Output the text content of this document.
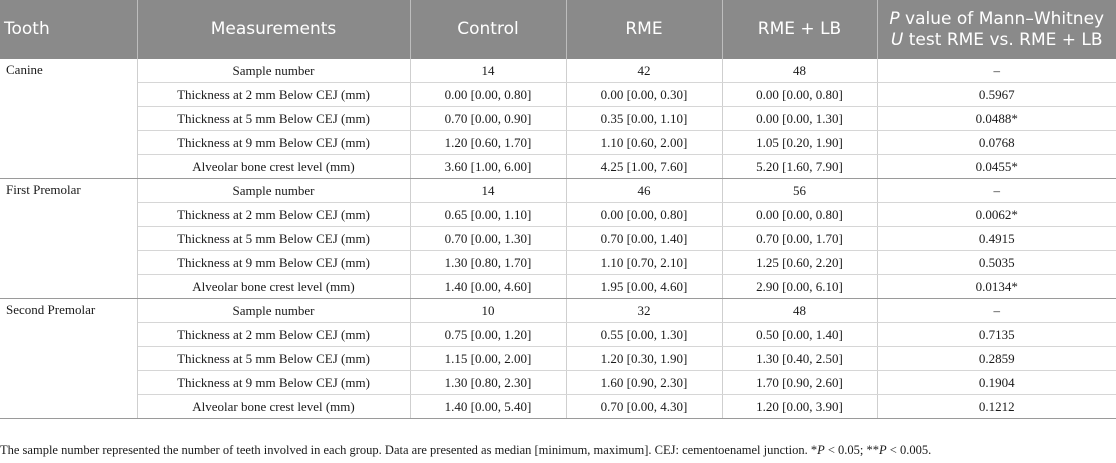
Tooth	Measurements	Control	RME	RME + LB	P value of Mann–Whitney
U test RME vs. RME + LB
Canine	Sample number	14	42	48	–
	Thickness at 2 mm Below CEJ (mm)	0.00 [0.00, 0.80]	0.00 [0.00, 0.30]	0.00 [0.00, 0.80]	0.5967
	Thickness at 5 mm Below CEJ (mm)	0.70 [0.00, 0.90]	0.35 [0.00, 1.10]	0.00 [0.00, 1.30]	0.0488*
	Thickness at 9 mm Below CEJ (mm)	1.20 [0.60, 1.70]	1.10 [0.60, 2.00]	1.05 [0.20, 1.90]	0.0768
	Alveolar bone crest level (mm)	3.60 [1.00, 6.00]	4.25 [1.00, 7.60]	5.20 [1.60, 7.90]	0.0455*
First Premolar	Sample number	14	46	56	–
	Thickness at 2 mm Below CEJ (mm)	0.65 [0.00, 1.10]	0.00 [0.00, 0.80]	0.00 [0.00, 0.80]	0.0062*
	Thickness at 5 mm Below CEJ (mm)	0.70 [0.00, 1.30]	0.70 [0.00, 1.40]	0.70 [0.00, 1.70]	0.4915
	Thickness at 9 mm Below CEJ (mm)	1.30 [0.80, 1.70]	1.10 [0.70, 2.10]	1.25 [0.60, 2.20]	0.5035
	Alveolar bone crest level (mm)	1.40 [0.00, 4.60]	1.95 [0.00, 4.60]	2.90 [0.00, 6.10]	0.0134*
Second Premolar	Sample number	10	32	48	–
	Thickness at 2 mm Below CEJ (mm)	0.75 [0.00, 1.20]	0.55 [0.00, 1.30]	0.50 [0.00, 1.40]	0.7135
	Thickness at 5 mm Below CEJ (mm)	1.15 [0.00, 2.00]	1.20 [0.30, 1.90]	1.30 [0.40, 2.50]	0.2859
	Thickness at 9 mm Below CEJ (mm)	1.30 [0.80, 2.30]	1.60 [0.90, 2.30]	1.70 [0.90, 2.60]	0.1904
	Alveolar bone crest level (mm)	1.40 [0.00, 5.40]	0.70 [0.00, 4.30]	1.20 [0.00, 3.90]	0.1212
The sample number represented the number of teeth involved in each group. Data are presented as median [minimum, maximum]. CEJ: cementoenamel junction. *P < 0.05; **P < 0.005.
